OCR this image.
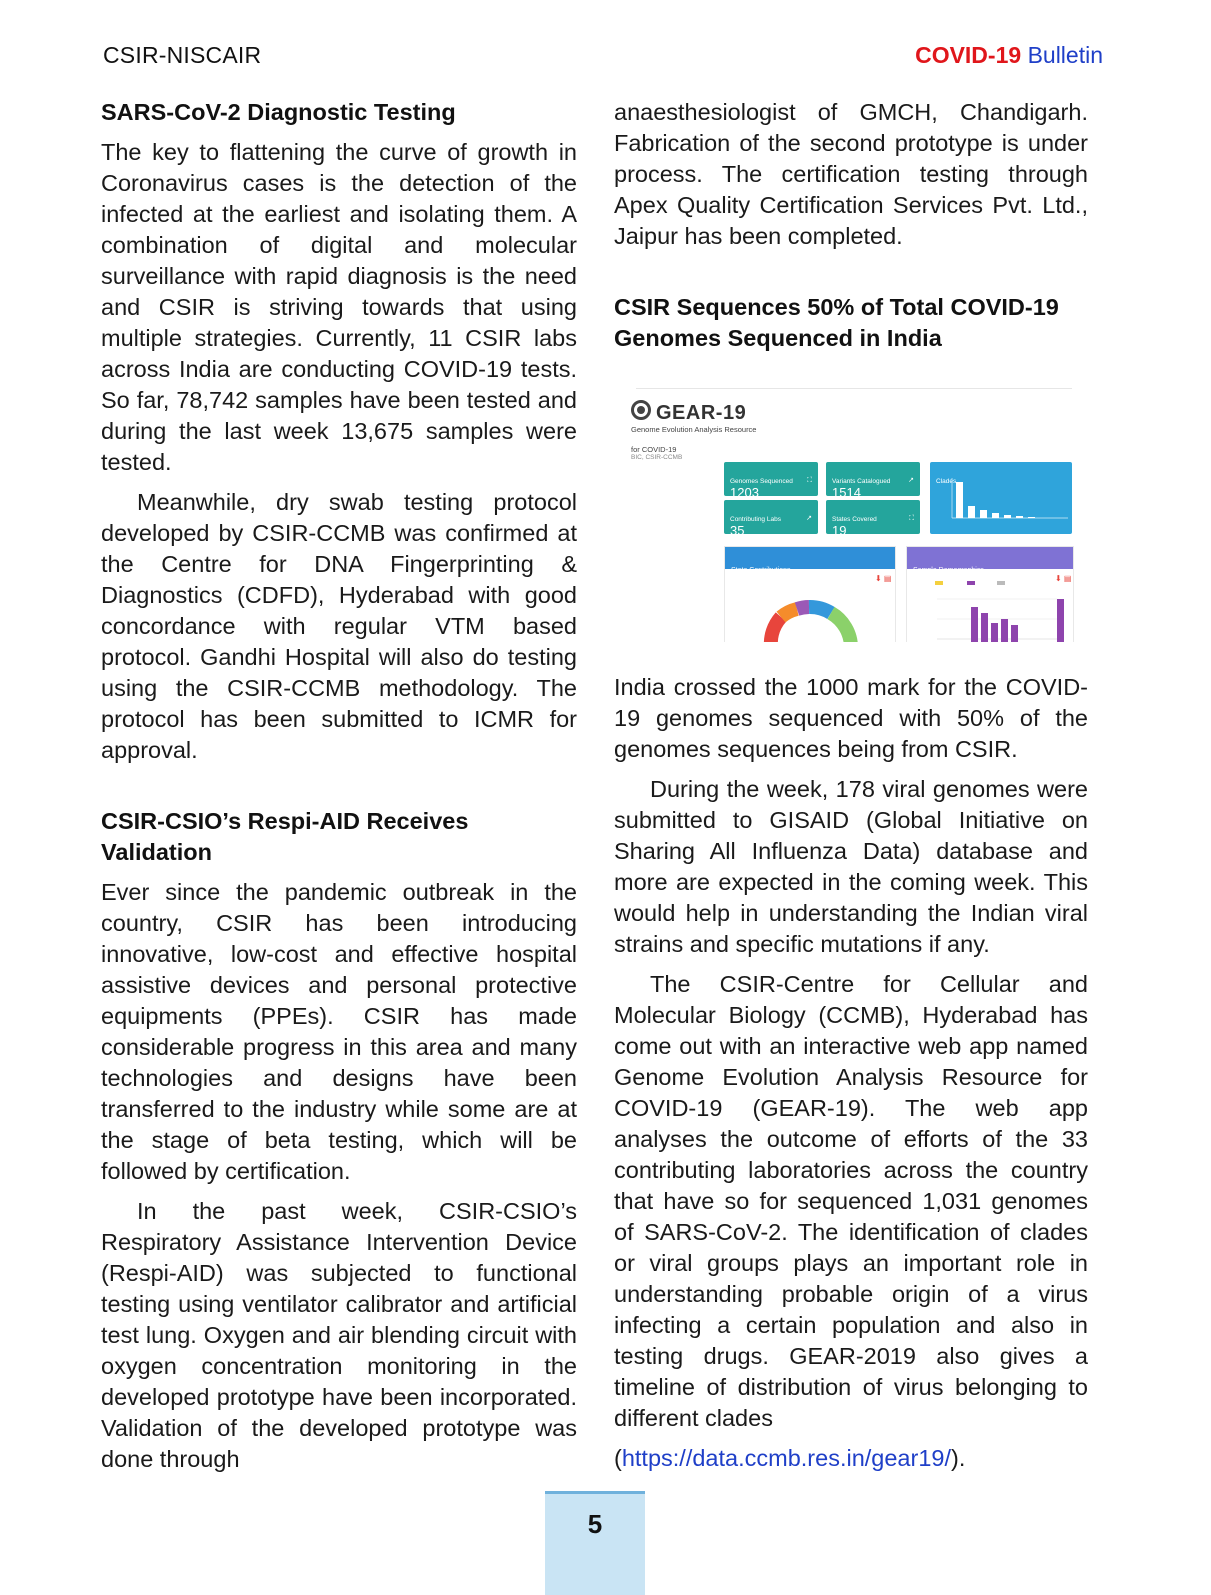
CSIR-NISCAIR	COVID-19 Bulletin
SARS-CoV-2 Diagnostic Testing

The key to flattening the curve of growth in Coronavirus cases is the detection of the infected at the earliest and isolating them. A combination of digital and molecular surveillance with rapid diagnosis is the need and CSIR is striving towards that using multiple strategies. Currently, 11 CSIR labs across India are conducting COVID-19 tests. So far, 78,742 samples have been tested and during the last week 13,675 samples were tested.

Meanwhile, dry swab testing protocol developed by CSIR-CCMB was confirmed at the Centre for DNA Fingerprinting & Diagnostics (CDFD), Hyderabad with good concordance with regular VTM based protocol. Gandhi Hospital will also do testing using the CSIR-CCMB methodology. The protocol has been submitted to ICMR for approval.

CSIR-CSIO’s Respi-AID Receives Validation

Ever since the pandemic outbreak in the country, CSIR has been introducing innovative, low-cost and effective hospital assistive devices and personal protective equipments (PPEs). CSIR has made considerable progress in this area and many technologies and designs have been transferred to the industry while some are at the stage of beta testing, which will be followed by certification.

In the past week, CSIR-CSIO’s Respiratory Assistance Intervention Device (Respi-AID) was subjected to functional testing using ventilator calibrator and artificial test lung. Oxygen and air blending circuit with oxygen concentration monitoring in the developed prototype have been incorporated. Validation of the developed prototype was done through

anaesthesiologist of GMCH, Chandigarh. Fabrication of the second prototype is under process. The certification testing through Apex Quality Certification Services Pvt. Ltd., Jaipur has been completed.

CSIR Sequences 50% of Total COVID-19 Genomes Sequenced in India
GEAR-19
Genome Evolution Analysis Resource
for COVID-19
BIC, CSIR-CCMB
Genomes Sequenced
1203
⛶	Variants Catalogued
1514
↗
Contributing Labs
35
↗	States Covered
19
⛶
Clades
State Contributions
⬇ ▤
Sample Demographics
⬇ ▤

India crossed the 1000 mark for the COVID-19 genomes sequenced with 50% of the genomes sequences being from CSIR.

During the week, 178 viral genomes were submitted to GISAID (Global Initiative on Sharing All Influenza Data) database and more are expected in the coming week. This would help in understanding the Indian viral strains and specific mutations if any.

The CSIR-Centre for Cellular and Molecular Biology (CCMB), Hyderabad has come out with an interactive web app named Genome Evolution Analysis Resource for COVID-19 (GEAR-19). The web app analyses the outcome of efforts of the 33 contributing laboratories across the country that have so for sequenced 1,031 genomes of SARS-CoV-2. The identification of clades or viral groups plays an important role in understanding probable origin of a virus infecting a certain population and also in testing drugs. GEAR-2019 also gives a timeline of distribution of virus belonging to different clades

(https://data.ccmb.res.in/gear19/).

5
